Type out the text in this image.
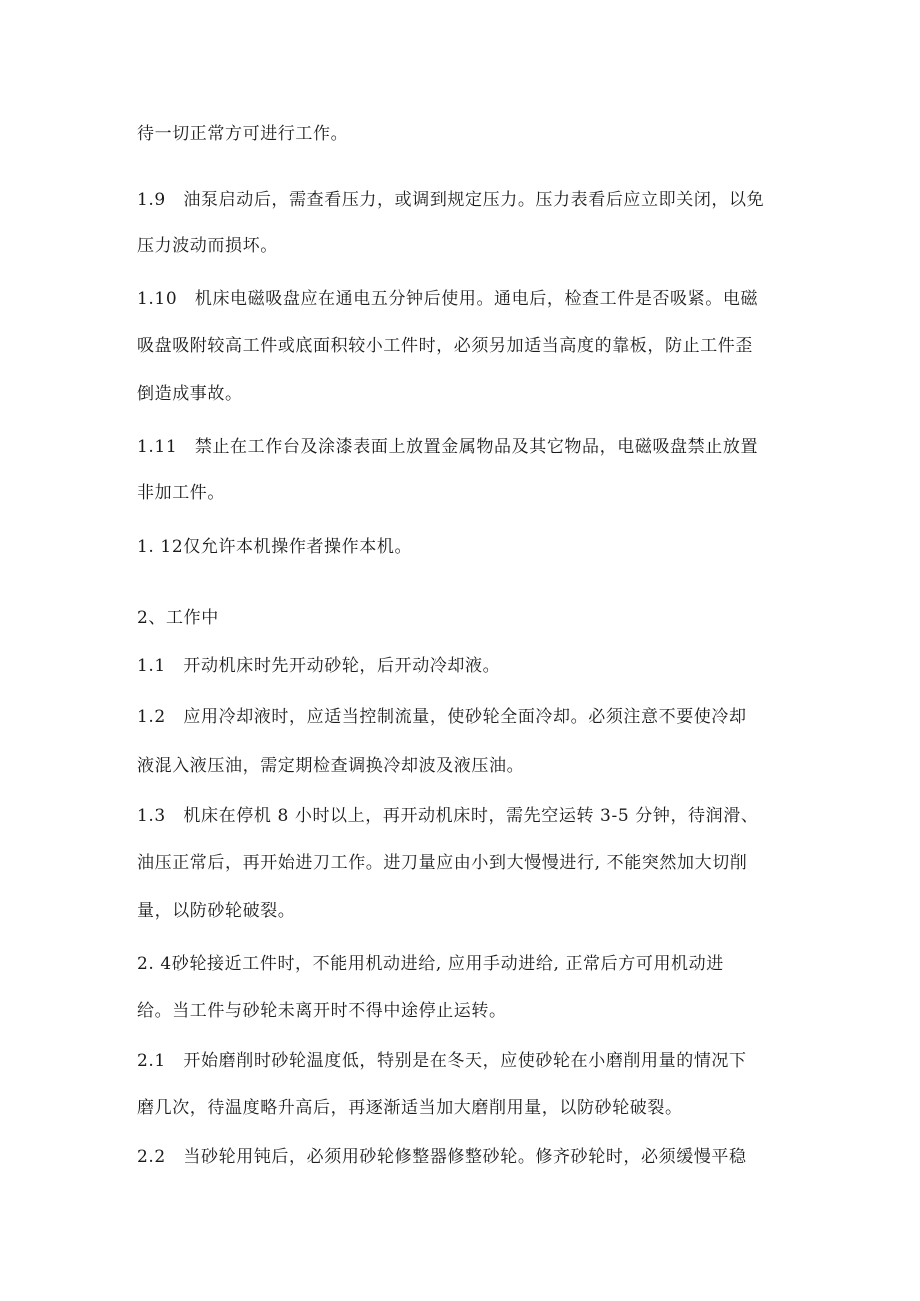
待一切正常方可进行工作。
1.9　油泵启动后，需查看压力，或调到规定压力。压力表看后应立即关闭，以免
压力波动而损坏。
1.10　机床电磁吸盘应在通电五分钟后使用。通电后，检查工件是否吸紧。电磁
吸盘吸附较高工件或底面积较小工件时，必须另加适当高度的靠板，防止工件歪
倒造成事故。
1.11　禁止在工作台及涂漆表面上放置金属物品及其它物品，电磁吸盘禁止放置
非加工件。
1. 12仅允许本机操作者操作本机。
2、工作中
1.1　开动机床时先开动砂轮，后开动冷却液。
1.2　应用冷却液时，应适当控制流量，使砂轮全面冷却。必须注意不要使冷却
液混入液压油，需定期检查调换冷却波及液压油。
1.3　机床在停机 8 小时以上，再开动机床时，需先空运转 3-5 分钟，待润滑、
油压正常后，再开始进刀工作。进刀量应由小到大慢慢进行, 不能突然加大切削
量，以防砂轮破裂。
2. 4砂轮接近工件时，不能用机动进给, 应用手动进给, 正常后方可用机动进
给。当工件与砂轮未离开时不得中途停止运转。
2.1　开始磨削时砂轮温度低，特别是在冬天，应使砂轮在小磨削用量的情况下
磨几次，待温度略升高后，再逐渐适当加大磨削用量，以防砂轮破裂。
2.2　当砂轮用钝后，必须用砂轮修整器修整砂轮。修齐砂轮时，必须缓慢平稳
